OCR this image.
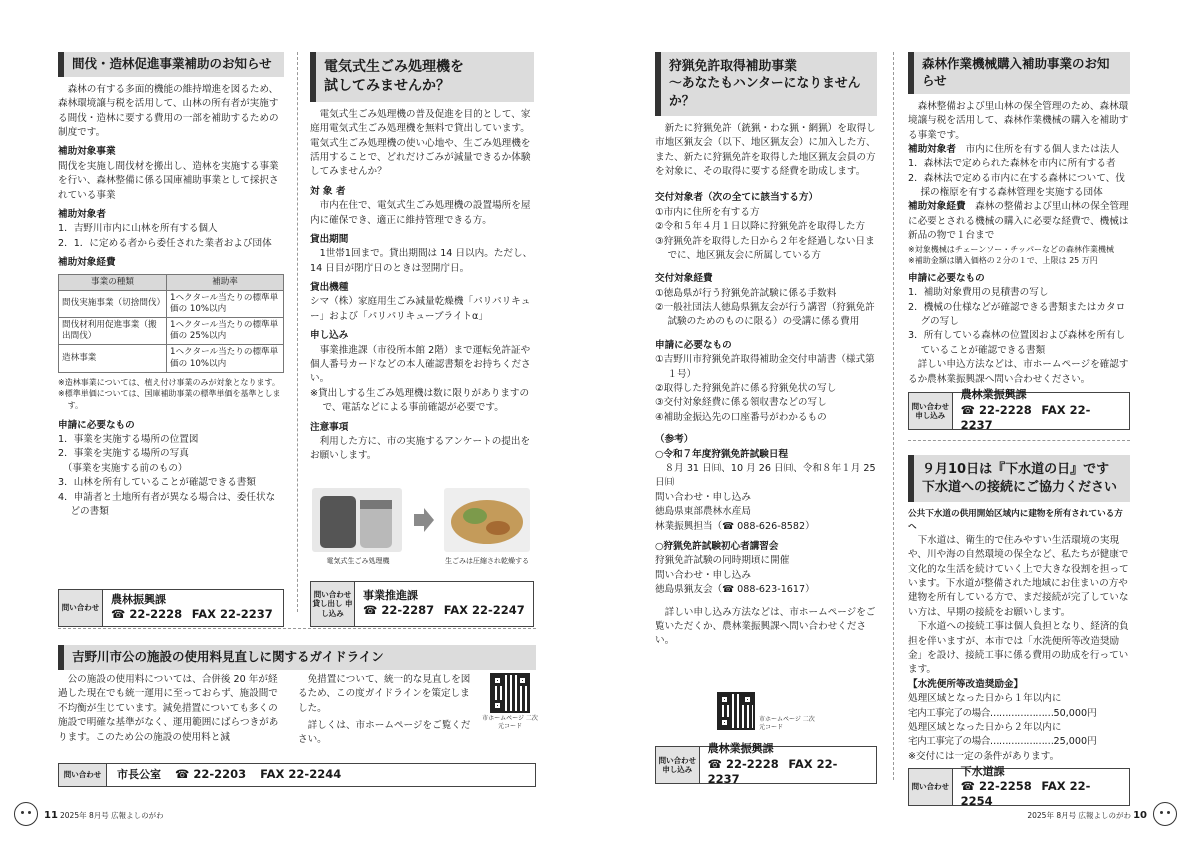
間伐・造林促進事業補助のお知らせ
森林の有する多面的機能の維持増進を図るため、森林環境譲与税を活用して、山林の所有者が実施する間伐・造林に要する費用の一部を補助するための制度です。
補助対象事業
間伐を実施し間伐材を搬出し、造林を実施する事業を行い、森林整備に係る国庫補助事業として採択されている事業
補助対象者
1．吉野川市内に山林を所有する個人
2．1．に定める者から委任された業者および団体
補助対象経費
事業の種類	補助率
間伐実施事業（切捨間伐）	1ヘクタール当たりの標準単価の 10%以内
間伐材利用促進事業（搬出間伐）	1ヘクタール当たりの標準単価の 25%以内
造林事業	1ヘクタール当たりの標準単価の 10%以内
※造林事業については、植え付け事業のみが対象となります。
※標準単価については、国庫補助事業の標準単価を基準とします。
申請に必要なもの
1．事業を実施する場所の位置図
2．事業を実施する場所の写真
　（事業を実施する前のもの）
3．山林を所有していることが確認できる書類
4．申請者と土地所有者が異なる場合は、委任状などの書類
問い合わせ
農林振興課
☎ 22-2228　 FAX 22-2237
電気式生ごみ処理機を
試してみませんか？
電気式生ごみ処理機の普及促進を目的として、家庭用電気式生ごみ処理機を無料で貸出しています。電気式生ごみ処理機の使い心地や、生ごみ処理機を活用することで、どれだけごみが減量できるか体験してみませんか？
対 象 者
市内在住で、電気式生ごみ処理機の設置場所を屋内に確保でき、適正に維持管理できる方。
貸出期間
1世帯1回まで。貸出期間は 14 日以内。ただし、14 日目が閉庁日のときは翌開庁日。
貸出機種
シマ（株）家庭用生ごみ減量乾燥機「パリパリキュー」および「パリパリキューブライトα」
申し込み
事業推進課（市役所本館 2階）まで運転免許証や個人番号カードなどの本人確認書類をお持ちください。
※貸出しする生ごみ処理機は数に限りがありますので、電話などによる事前確認が必要です。
注意事項
利用した方に、市の実施するアンケートの提出をお願いします。
電気式生ごみ処理機	生ごみは圧縮され乾燥する
問い合わせ 貸し出し 申し込み
事業推進課
☎ 22-2287　 FAX 22-2247
吉野川市公の施設の使用料見直しに関するガイドライン
公の施設の使用料については、合併後 20 年が経過した現在でも統一運用に至っておらず、施設間で不均衡が生じています。減免措置についても多くの施設で明確な基準がなく、運用範囲にばらつきがあります。このため公の施設の使用料と減
免措置について、統一的な見直しを図るため、この度ガイドラインを策定しました。
詳しくは、市ホームページをご覧ください。
市ホームページ 二次元コード
問い合わせ	市長公室 ☎ 22-2203 FAX 22-2244
狩猟免許取得補助事業
～あなたもハンターになりませんか？
新たに狩猟免許（銃猟・わな猟・網猟）を取得し市地区猟友会（以下、地区猟友会）に加入した方、また、新たに狩猟免許を取得した地区猟友会員の方を対象に、その取得に要する経費を助成します。
交付対象者（次の全てに該当する方）
①市内に住所を有する方
②令和５年４月１日以降に狩猟免許を取得した方
③狩猟免許を取得した日から２年を経過しない日までに、地区猟友会に所属している方
交付対象経費
①徳島県が行う狩猟免許試験に係る手数料
②一般社団法人徳島県猟友会が行う講習（狩猟免許試験のためのものに限る）の受講に係る費用
申請に必要なもの
①吉野川市狩猟免許取得補助金交付申請書（様式第１号）
②取得した狩猟免許に係る狩猟免状の写し
③交付対象経費に係る領収書などの写し
④補助金振込先の口座番号がわかるもの
（参考）
○令和７年度狩猟免許試験日程
８月 31 日㈰、10 月 26 日㈰、令和８年１月 25 日㈰
問い合わせ・申し込み
徳島県東部農林水産局
林業振興担当（☎ 088-626-8582）
○狩猟免許試験初心者講習会
狩猟免許試験の同時期頃に開催
問い合わせ・申し込み
徳島県猟友会（☎ 088-623-1617）
詳しい申し込み方法などは、市ホームページをご覧いただくか、農林業振興課へ問い合わせください。
市ホームページ 二次元コード
問い合わせ 申し込み
農林業振興課
☎ 22-2228　 FAX 22-2237
森林作業機械購入補助事業のお知らせ
森林整備および里山林の保全管理のため、森林環境譲与税を活用して、森林作業機械の購入を補助する事業です。
補助対象者　 市内に住所を有する個人または法人
1．森林法で定められた森林を市内に所有する者
2．森林法で定める市内に在する森林について、伐採の権原を有する森林管理を実施する団体
補助対象経費　 森林の整備および里山林の保全管理に必要とされる機械の購入に必要な経費で、機械は新品の物で１台まで
※対象機械はチェーンソー・チッパーなどの森林作業機械
※補助金額は購入価格の２分の１で、上限は 25 万円
申請に必要なもの
1．補助対象費用の見積書の写し
2．機械の仕様などが確認できる書類またはカタログの写し
3．所有している森林の位置図および森林を所有していることが確認できる書類
詳しい申込方法などは、市ホームページを確認するか農林業振興課へ問い合わせください。
問い合わせ 申し込み
農林業振興課
☎ 22-2228　 FAX 22-2237
９月10日は『下水道の日』です
下水道への接続にご協力ください
公共下水道の供用開始区域内に建物を所有されている方へ
下水道は、衛生的で住みやすい生活環境の実現や、川や海の自然環境の保全など、私たちが健康で文化的な生活を続けていく上で大きな役割を担っています。下水道が整備された地域にお住まいの方や建物を所有している方で、まだ接続が完了していない方は、早期の接続をお願いします。
下水道への接続工事は個人負担となり、経済的負担を伴いますが、本市では「水洗便所等改造奨励金」を設け、接続工事に係る費用の助成を行っています。
【水洗便所等改造奨励金】
処理区域となった日から１年以内に
宅内工事完了の場合…………………50,000円
処理区域となった日から２年以内に
宅内工事完了の場合…………………25,000円
※交付には一定の条件があります。
問い合わせ
下水道課
☎ 22-2258　 FAX 22-2254
11 2025年 8月号 広報よしのがわ	2025年 8月号 広報よしのがわ 10
